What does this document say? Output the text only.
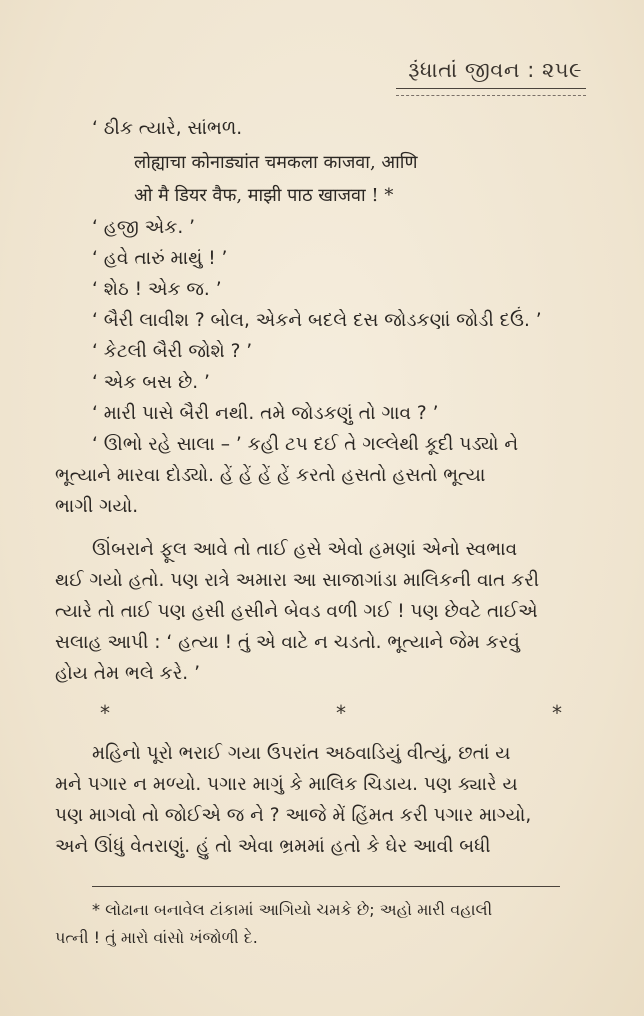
રૂંધાતાં જીવન : ૨૫૯
‘ ઠીક ત્યારે, સાંભળ.
लोह्याचा कोनाड्यांत चमकला काजवा, आणि
ओ मै डियर वैफ, माझी पाठ खाजवा ! *
‘ હજી એક. ’
‘ હવે તારું માથું ! ’
‘ શેઠ ! એક જ. ’
‘ બૈરી લાવીશ ? બોલ, એકને બદલે દસ જોડકણાં જોડી દઉં. ’
‘ કેટલી બૈરી જોશે ? ’
‘ એક બસ છે. ’
‘ મારી પાસે બૈરી નથી. તમે જોડકણું તો ગાવ ? ’
‘ ઊભો રહે સાલા – ’ કહી ટપ દઈ તે ગલ્લેથી કૂદી પડ્યો ને
ભૂત્યાને મારવા દોડ્યો. હેં હેં હેં હેં કરતો હસતો હસતો ભૂત્યા
ભાગી ગયો.
ઊંબરાને ફૂલ આવે તો તાઈ હસે એવો હમણાં એનો સ્વભાવ
થઈ ગયો હતો. પણ રાત્રે અમારા આ સાજાગાંડા માલિકની વાત કરી
ત્યારે તો તાઈ પણ હસી હસીને બેવડ વળી ગઈ ! પણ છેવટે તાઈએ
સલાહ આપી : ‘ હત્યા ! તું એ વાટે ન ચડતો. ભૂત્યાને જેમ કરવું
હોય તેમ ભલે કરે. ’
*	*	*
મહિનો પૂરો ભરાઈ ગયા ઉપરાંત અઠવાડિયું વીત્યું, છતાં ય
મને પગાર ન મળ્યો. પગાર માગું કે માલિક ચિડાય. પણ ક્યારે ય
પણ માગવો તો જોઈએ જ ને ? આજે મેં હિંમત કરી પગાર માગ્યો,
અને ઊંધું વેતરાણું. હું તો એવા ભ્રમમાં હતો કે ઘેર આવી બધી
* લોઢાના બનાવેલ ટાંકામાં આગિયો ચમકે છે; અહો મારી વહાલી
પત્ની ! તું મારો વાંસો ખંજોળી દે.
